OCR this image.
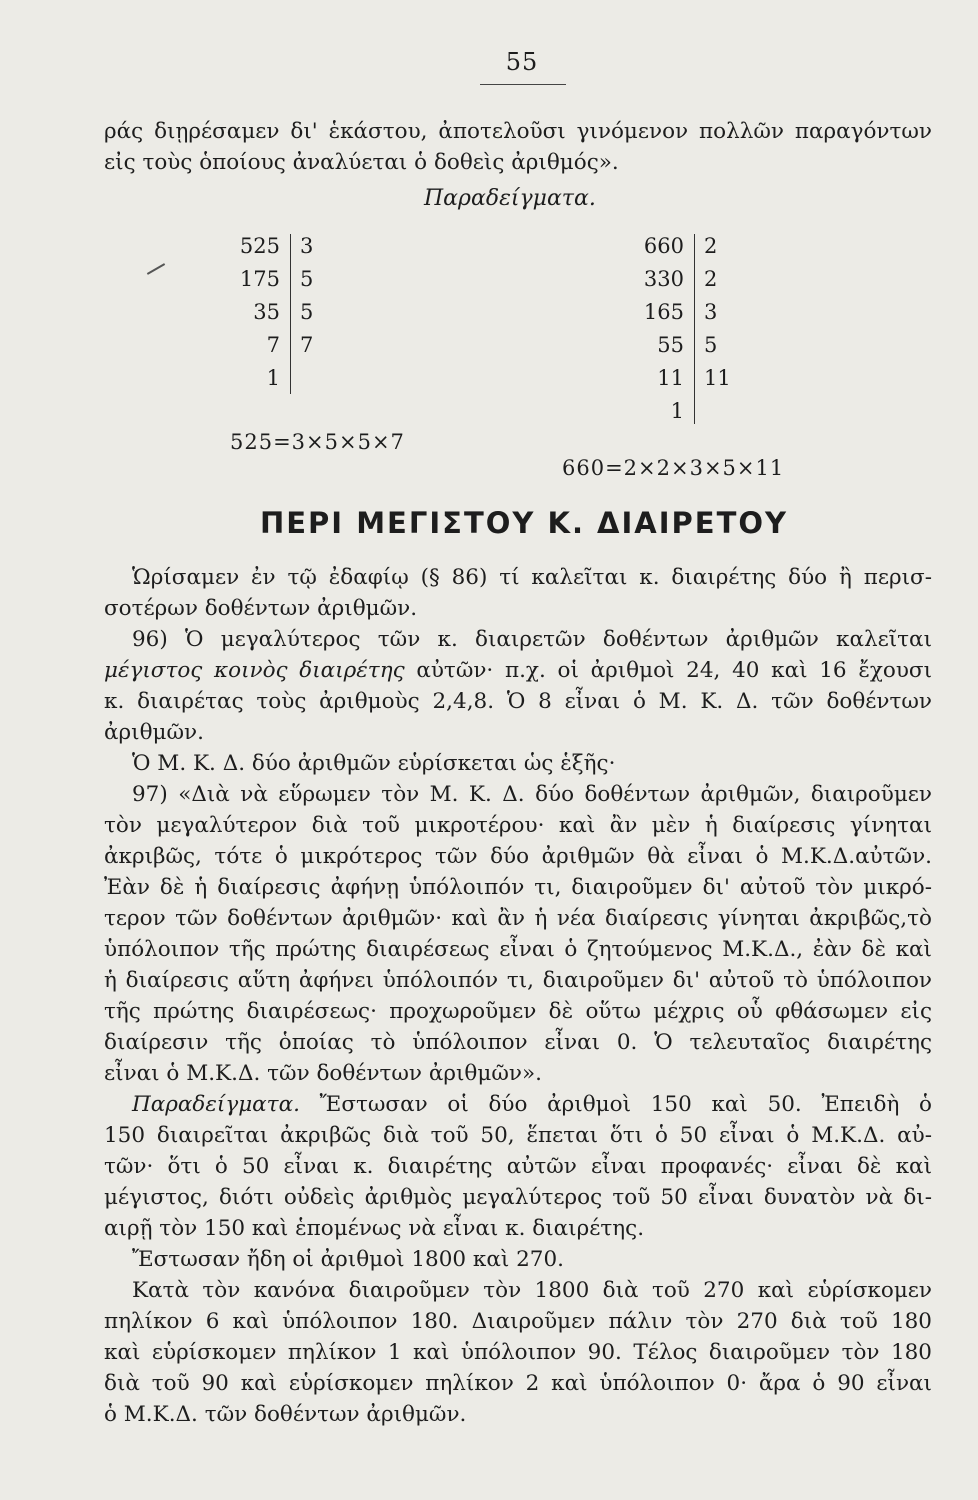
55

ράς διῃρέσαμεν δι' ἑκάστου, ἀποτελοῦσι γινόμενον πολλῶν παραγόντων

εἰς τοὺς ὁποίους ἀναλύεται ὁ δοθεὶς ἀριθμός».

Παραδείγματα.
525 3
175 5
35 5
7 7
1
525=3×5×5×7
660 2
330 2
165 3
55 5
11 11
1
660=2×2×3×5×11
ΠΕΡΙ ΜΕΓΙΣΤΟΥ Κ. ΔΙΑΙΡΕΤΟΥ

Ὡρίσαμεν ἐν τῷ ἐδαφίῳ (§ 86) τί καλεῖται κ. διαιρέτης δύο ἢ περισ-

σοτέρων δοθέντων ἀριθμῶν.

96) Ὁ μεγαλύτερος τῶν κ. διαιρετῶν δοθέντων ἀριθμῶν καλεῖται

μέγιστος κοινὸς διαιρέτης αὐτῶν· π.χ. οἱ ἀριθμοὶ 24, 40 καὶ 16 ἔχουσι

κ. διαιρέτας τοὺς ἀριθμοὺς 2,4,8. Ὁ 8 εἶναι ὁ Μ. Κ. Δ. τῶν δοθέντων

ἀριθμῶν.

Ὁ Μ. Κ. Δ. δύο ἀριθμῶν εὑρίσκεται ὡς ἑξῆς·

97) «Διὰ νὰ εὕρωμεν τὸν Μ. Κ. Δ. δύο δοθέντων ἀριθμῶν, διαιροῦμεν

τὸν μεγαλύτερον διὰ τοῦ μικροτέρου· καὶ ἂν μὲν ἡ διαίρεσις γίνηται

ἀκριβῶς, τότε ὁ μικρότερος τῶν δύο ἀριθμῶν θὰ εἶναι ὁ Μ.Κ.Δ.αὐτῶν.

Ἐὰν δὲ ἡ διαίρεσις ἀφήνῃ ὑπόλοιπόν τι, διαιροῦμεν δι' αὐτοῦ τὸν μικρό-

τερον τῶν δοθέντων ἀριθμῶν· καὶ ἂν ἡ νέα διαίρεσις γίνηται ἀκριβῶς,τὸ

ὑπόλοιπον τῆς πρώτης διαιρέσεως εἶναι ὁ ζητούμενος Μ.Κ.Δ., ἐὰν δὲ καὶ

ἡ διαίρεσις αὕτη ἀφήνει ὑπόλοιπόν τι, διαιροῦμεν δι' αὐτοῦ τὸ ὑπόλοιπον

τῆς πρώτης διαιρέσεως· προχωροῦμεν δὲ οὕτω μέχρις οὗ φθάσωμεν εἰς

διαίρεσιν τῆς ὁποίας τὸ ὑπόλοιπον εἶναι 0. Ὁ τελευταῖος διαιρέτης

εἶναι ὁ Μ.Κ.Δ. τῶν δοθέντων ἀριθμῶν».

Παραδείγματα. Ἔστωσαν οἱ δύο ἀριθμοὶ 150 καὶ 50. Ἐπειδὴ ὁ

150 διαιρεῖται ἀκριβῶς διὰ τοῦ 50, ἕπεται ὅτι ὁ 50 εἶναι ὁ Μ.Κ.Δ. αὐ-

τῶν· ὅτι ὁ 50 εἶναι κ. διαιρέτης αὐτῶν εἶναι προφανές· εἶναι δὲ καὶ

μέγιστος, διότι οὐδεὶς ἀριθμὸς μεγαλύτερος τοῦ 50 εἶναι δυνατὸν νὰ δι-

αιρῇ τὸν 150 καὶ ἑπομένως νὰ εἶναι κ. διαιρέτης.

Ἔστωσαν ἤδη οἱ ἀριθμοὶ 1800 καὶ 270.

Κατὰ τὸν κανόνα διαιροῦμεν τὸν 1800 διὰ τοῦ 270 καὶ εὑρίσκομεν

πηλίκον 6 καὶ ὑπόλοιπον 180. Διαιροῦμεν πάλιν τὸν 270 διὰ τοῦ 180

καὶ εὑρίσκομεν πηλίκον 1 καὶ ὑπόλοιπον 90. Τέλος διαιροῦμεν τὸν 180

διὰ τοῦ 90 καὶ εὑρίσκομεν πηλίκον 2 καὶ ὑπόλοιπον 0· ἄρα ὁ 90 εἶναι

ὁ Μ.Κ.Δ. τῶν δοθέντων ἀριθμῶν.
